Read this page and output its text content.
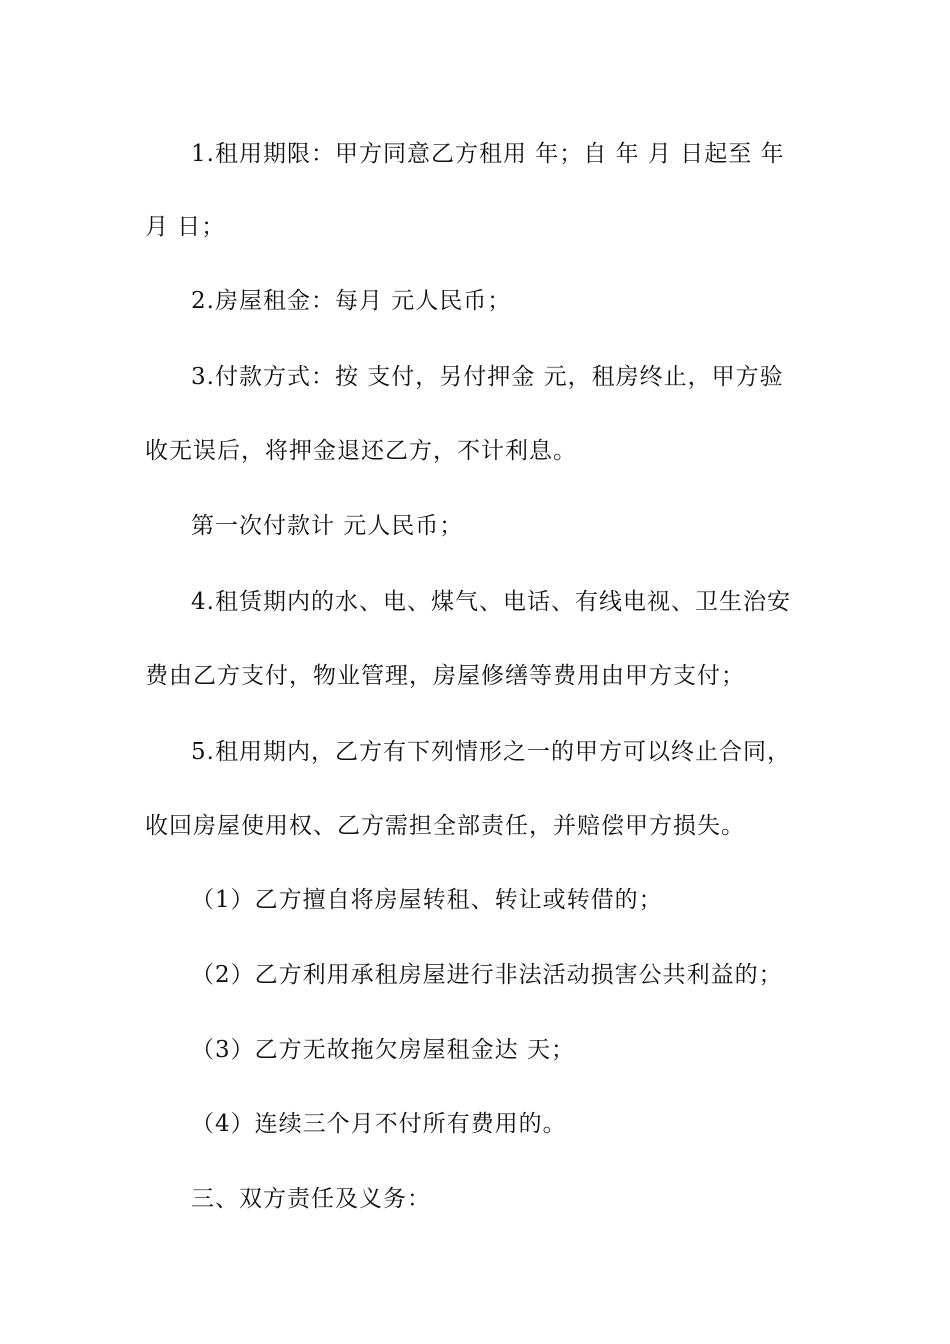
1.租用期限：甲方同意乙方租用 年；自 年 月 日起至 年
月 日；
2.房屋租金：每月 元人民币；
3.付款方式：按 支付，另付押金 元，租房终止，甲方验
收无误后，将押金退还乙方，不计利息。
第一次付款计 元人民币；
4.租赁期内的水、电、煤气、电话、有线电视、卫生治安
费由乙方支付，物业管理，房屋修缮等费用由甲方支付；
5.租用期内，乙方有下列情形之一的甲方可以终止合同，
收回房屋使用权、乙方需担全部责任，并赔偿甲方损失。
（1）乙方擅自将房屋转租、转让或转借的；
（2）乙方利用承租房屋进行非法活动损害公共利益的；
（3）乙方无故拖欠房屋租金达 天；
（4）连续三个月不付所有费用的。
三、双方责任及义务：
